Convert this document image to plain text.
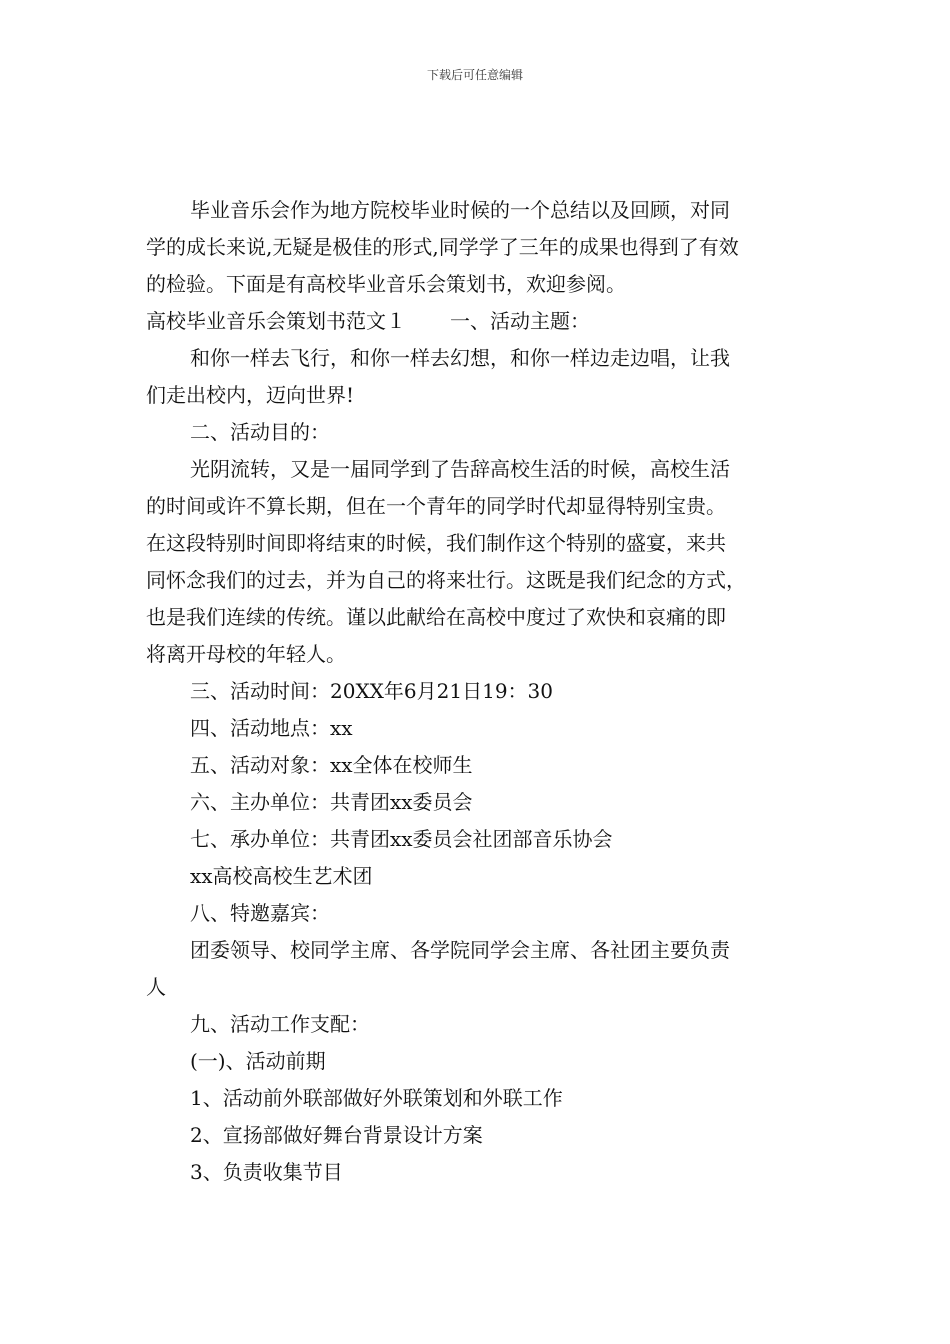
下载后可任意编辑

毕业音乐会作为地方院校毕业时候的一个总结以及回顾，对同

学的成长来说,无疑是极佳的形式,同学学了三年的成果也得到了有效

的检验。下面是有高校毕业音乐会策划书，欢迎参阅。

高校毕业音乐会策划书范文１ 一、活动主题：

和你一样去飞行，和你一样去幻想，和你一样边走边唱，让我

们走出校内，迈向世界!

二、活动目的：

光阴流转，又是一届同学到了告辞高校生活的时候，高校生活

的时间或许不算长期，但在一个青年的同学时代却显得特别宝贵。

在这段特别时间即将结束的时候，我们制作这个特别的盛宴，来共

同怀念我们的过去，并为自己的将来壮行。这既是我们纪念的方式，

也是我们连续的传统。谨以此献给在高校中度过了欢快和哀痛的即

将离开母校的年轻人。

三、活动时间：20XX年6月21日19：30

四、活动地点：xx

五、活动对象：xx全体在校师生

六、主办单位：共青团xx委员会

七、承办单位：共青团xx委员会社团部音乐协会

xx高校高校生艺术团

八、特邀嘉宾：

团委领导、校同学主席、各学院同学会主席、各社团主要负责

人

九、活动工作支配：

(一)、活动前期

1、活动前外联部做好外联策划和外联工作

2、宣扬部做好舞台背景设计方案

3、负责收集节目
